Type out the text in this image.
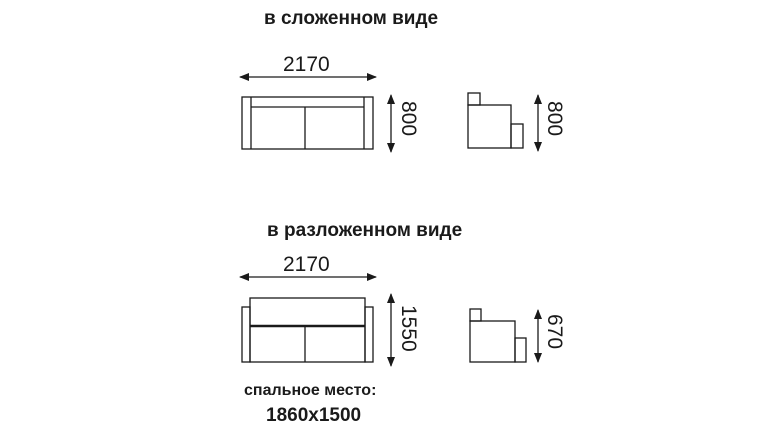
в сложенном виде
в разложенном виде
2170
2170
800	800
1550	670
спальное место:
1860x1500
